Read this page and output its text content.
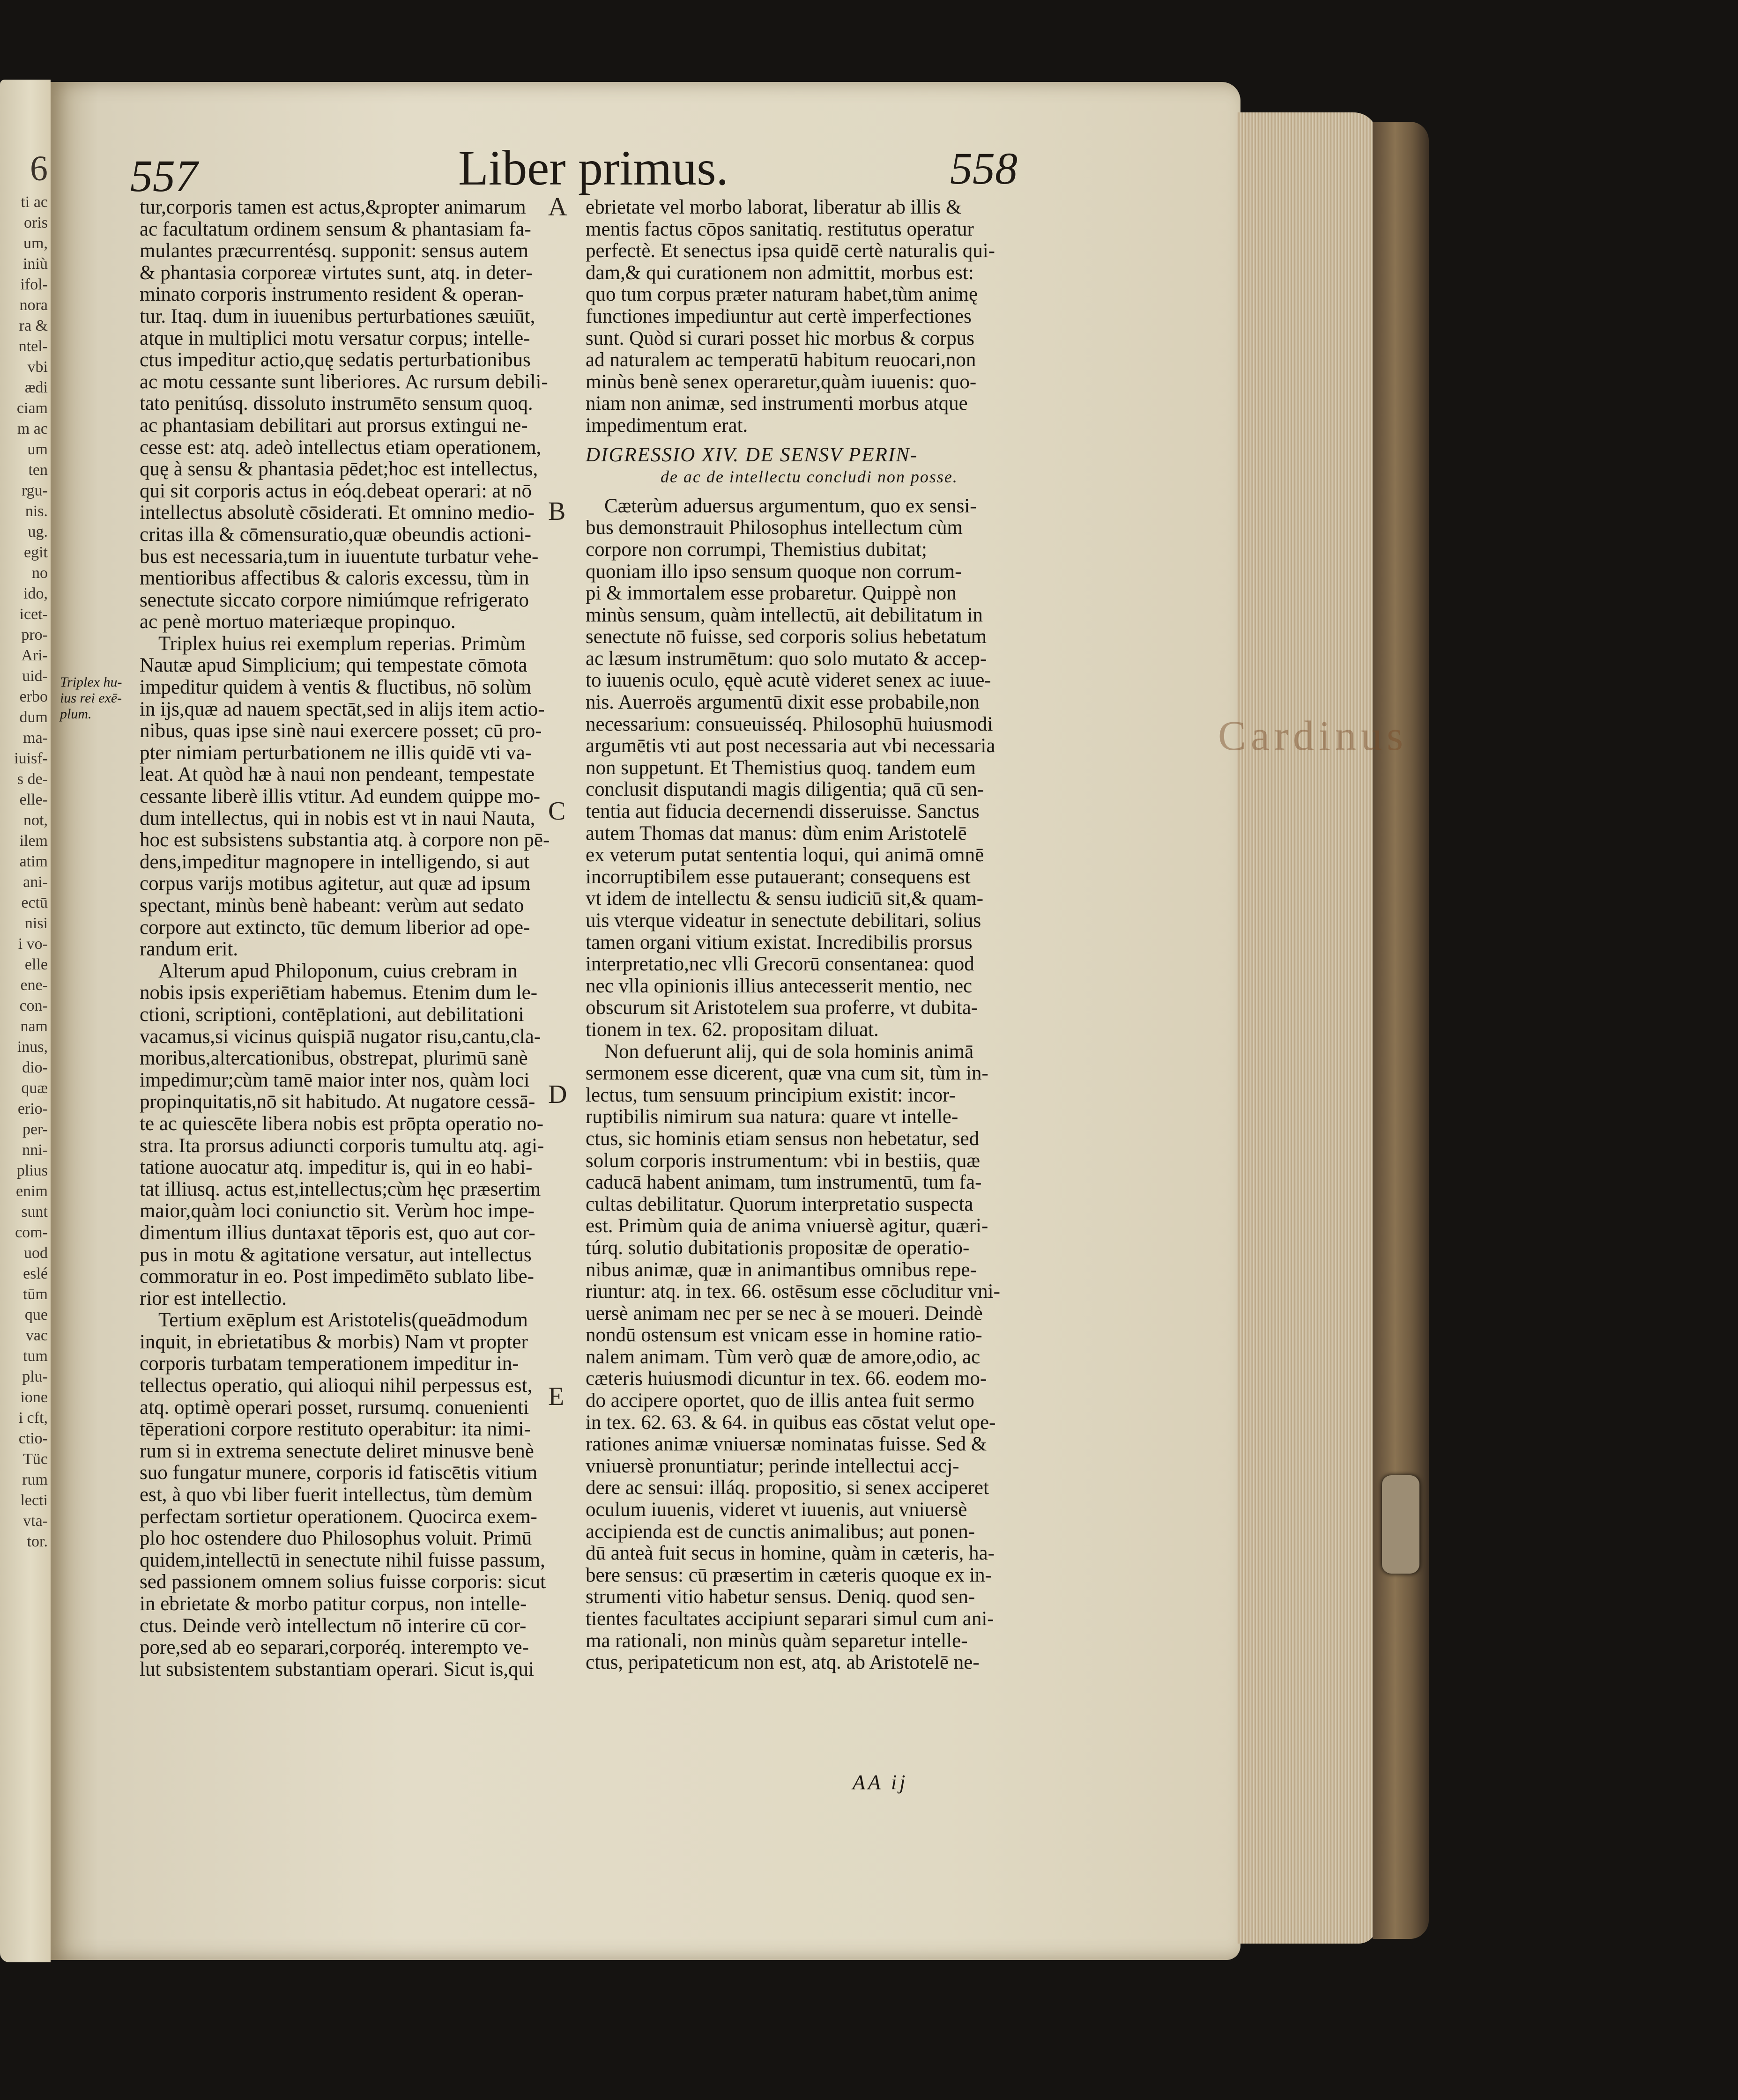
6
ti ac
oris
um,
iniù
ifol-
nora
ra &
ntel-
vbi
ædi
ciam
m ac
um
ten
rgu-
nis.
ug.
egit
no
ido,
icet-
pro-
Ari-
uid-
erbo
dum
ma-
iuisf-
s de-
elle-
not,
ilem
atim
ani-
ectū
nisi
i vo-
elle
ene-
con-
nam
inus,
dio-
quæ
erio-
per-
nni-
plius
enim
sunt
com-
uod
eslé
tūm
que
vac
tum
plu-
ione
i cft,
ctio-
Tüc
rum
lecti
vta-
tor.
Cardinus
557	Liber primus.	558

Triplex hu-

ius rei exē-

plum.

tur,corporis tamen est actus,&propter animarum

ac facultatum ordinem sensum & phantasiam fa-

mulantes præcurrentésq. supponit: sensus autem

& phantasia corporeæ virtutes sunt, atq. in deter-

minato corporis instrumento resident & operan-

tur. Itaq. dum in iuuenibus perturbationes sæuiūt,

atque in multiplici motu versatur corpus; intelle-

ctus impeditur actio,quę sedatis perturbationibus

ac motu cessante sunt liberiores. Ac rursum debili-

tato penitúsq. dissoluto instrumēto sensum quoq.

ac phantasiam debilitari aut prorsus extingui ne-

cesse est: atq. adeò intellectus etiam operationem,

quę à sensu & phantasia pēdet;hoc est intellectus,

qui sit corporis actus in eóq.debeat operari: at nō

intellectus absolutè cōsiderati. Et omnino medio-

critas illa & cōmensuratio,quæ obeundis actioni-

bus est necessaria,tum in iuuentute turbatur vehe-

mentioribus affectibus & caloris excessu, tùm in

senectute siccato corpore nimiúmque refrigerato

ac penè mortuo materiæque propinquo.

Triplex huius rei exemplum reperias. Primùm

Nautæ apud Simplicium; qui tempestate cōmota

impeditur quidem à ventis & fluctibus, nō solùm

in ijs,quæ ad nauem spectāt,sed in alijs item actio-

nibus, quas ipse sinè naui exercere posset; cū pro-

pter nimiam perturbationem ne illis quidē vti va-

leat. At quòd hæ à naui non pendeant, tempestate

cessante liberè illis vtitur. Ad eundem quippe mo-

dum intellectus, qui in nobis est vt in naui Nauta,

hoc est subsistens substantia atq. à corpore non pē-

dens,impeditur magnopere in intelligendo, si aut

corpus varijs motibus agitetur, aut quæ ad ipsum

spectant, minùs benè habeant: verùm aut sedato

corpore aut extincto, tūc demum liberior ad ope-

randum erit.

Alterum apud Philoponum, cuius crebram in

nobis ipsis experiētiam habemus. Etenim dum le-

ctioni, scriptioni, contēplationi, aut debilitationi

vacamus,si vicinus quispiā nugator risu,cantu,cla-

moribus,altercationibus, obstrepat, plurimū sanè

impedimur;cùm tamē maior inter nos, quàm loci

propinquitatis,nō sit habitudo. At nugatore cessā-

te ac quiescēte libera nobis est prōpta operatio no-

stra. Ita prorsus adiuncti corporis tumultu atq. agi-

tatione auocatur atq. impeditur is, qui in eo habi-

tat illiusq. actus est,intellectus;cùm hęc præsertim

maior,quàm loci coniunctio sit. Verùm hoc impe-

dimentum illius duntaxat tēporis est, quo aut cor-

pus in motu & agitatione versatur, aut intellectus

commoratur in eo. Post impedimēto sublato libe-

rior est intellectio.

Tertium exēplum est Aristotelis(queādmodum

inquit, in ebrietatibus & morbis) Nam vt propter

corporis turbatam temperationem impeditur in-

tellectus operatio, qui alioqui nihil perpessus est,

atq. optimè operari posset, rursumq. conuenienti

tēperationi corpore restituto operabitur: ita nimi-

rum si in extrema senectute deliret minusve benè

suo fungatur munere, corporis id fatiscētis vitium

est, à quo vbi liber fuerit intellectus, tùm demùm

perfectam sortietur operationem. Quocirca exem-

plo hoc ostendere duo Philosophus voluit. Primū

quidem,intellectū in senectute nihil fuisse passum,

sed passionem omnem solius fuisse corporis: sicut

in ebrietate & morbo patitur corpus, non intelle-

ctus. Deinde verò intellectum nō interire cū cor-

pore,sed ab eo separari,corporéq. interempto ve-

lut subsistentem substantiam operari. Sicut is,qui

ebrietate vel morbo laborat, liberatur ab illis &

mentis factus cōpos sanitatiq. restitutus operatur

perfectè. Et senectus ipsa quidē certè naturalis qui-

dam,& qui curationem non admittit, morbus est:

quo tum corpus præter naturam habet,tùm animę

functiones impediuntur aut certè imperfectiones

sunt. Quòd si curari posset hic morbus & corpus

ad naturalem ac temperatū habitum reuocari,non

minùs benè senex operaretur,quàm iuuenis: quo-

niam non animæ, sed instrumenti morbus atque

impedimentum erat.

DIGRESSIO XIV. DE SENSV PERIN-

de ac de intellectu concludi non posse.

Cæterùm aduersus argumentum, quo ex sensi-

bus demonstrauit Philosophus intellectum cùm

corpore non corrumpi, Themistius dubitat;

quoniam illo ipso sensum quoque non corrum-

pi & immortalem esse probaretur. Quippè non

minùs sensum, quàm intellectū, ait debilitatum in

senectute nō fuisse, sed corporis solius hebetatum

ac læsum instrumētum: quo solo mutato & accep-

to iuuenis oculo, ęquè acutè videret senex ac iuue-

nis. Auerroës argumentū dixit esse probabile,non

necessarium: consueuisséq. Philosophū huiusmodi

argumētis vti aut post necessaria aut vbi necessaria

non suppetunt. Et Themistius quoq. tandem eum

conclusit disputandi magis diligentia; quā cū sen-

tentia aut fiducia decernendi disseruisse. Sanctus

autem Thomas dat manus: dùm enim Aristotelē

ex veterum putat sententia loqui, qui animā omnē

incorruptibilem esse putauerant; consequens est

vt idem de intellectu & sensu iudiciū sit,& quam-

uis vterque videatur in senectute debilitari, solius

tamen organi vitium existat. Incredibilis prorsus

interpretatio,nec vlli Grecorū consentanea: quod

nec vlla opinionis illius antecesserit mentio, nec

obscurum sit Aristotelem sua proferre, vt dubita-

tionem in tex. 62. propositam diluat.

Non defuerunt alij, qui de sola hominis animā

sermonem esse dicerent, quæ vna cum sit, tùm in-

lectus, tum sensuum principium existit: incor-

ruptibilis nimirum sua natura: quare vt intelle-

ctus, sic hominis etiam sensus non hebetatur, sed

solum corporis instrumentum: vbi in bestiis, quæ

caducā habent animam, tum instrumentū, tum fa-

cultas debilitatur. Quorum interpretatio suspecta

est. Primùm quia de anima vniuersè agitur, quæri-

túrq. solutio dubitationis propositæ de operatio-

nibus animæ, quæ in animantibus omnibus repe-

riuntur: atq. in tex. 66. ostēsum esse cōcluditur vni-

uersè animam nec per se nec à se moueri. Deindè

nondū ostensum est vnicam esse in homine ratio-

nalem animam. Tùm verò quæ de amore,odio, ac

cæteris huiusmodi dicuntur in tex. 66. eodem mo-

do accipere oportet, quo de illis antea fuit sermo

in tex. 62. 63. & 64. in quibus eas cōstat velut ope-

rationes animæ vniuersæ nominatas fuisse. Sed &

vniuersè pronuntiatur; perinde intellectui accj-

dere ac sensui: illáq. propositio, si senex acciperet

oculum iuuenis, videret vt iuuenis, aut vniuersè

accipienda est de cunctis animalibus; aut ponen-

dū anteà fuit secus in homine, quàm in cæteris, ha-

bere sensus: cū præsertim in cæteris quoque ex in-

strumenti vitio habetur sensus. Deniq. quod sen-

tientes facultates accipiunt separari simul cum ani-

ma rationali, non minùs quàm separetur intelle-

ctus, peripateticum non est, atq. ab Aristotelē ne-

A
B
C
D
E
AA ij
